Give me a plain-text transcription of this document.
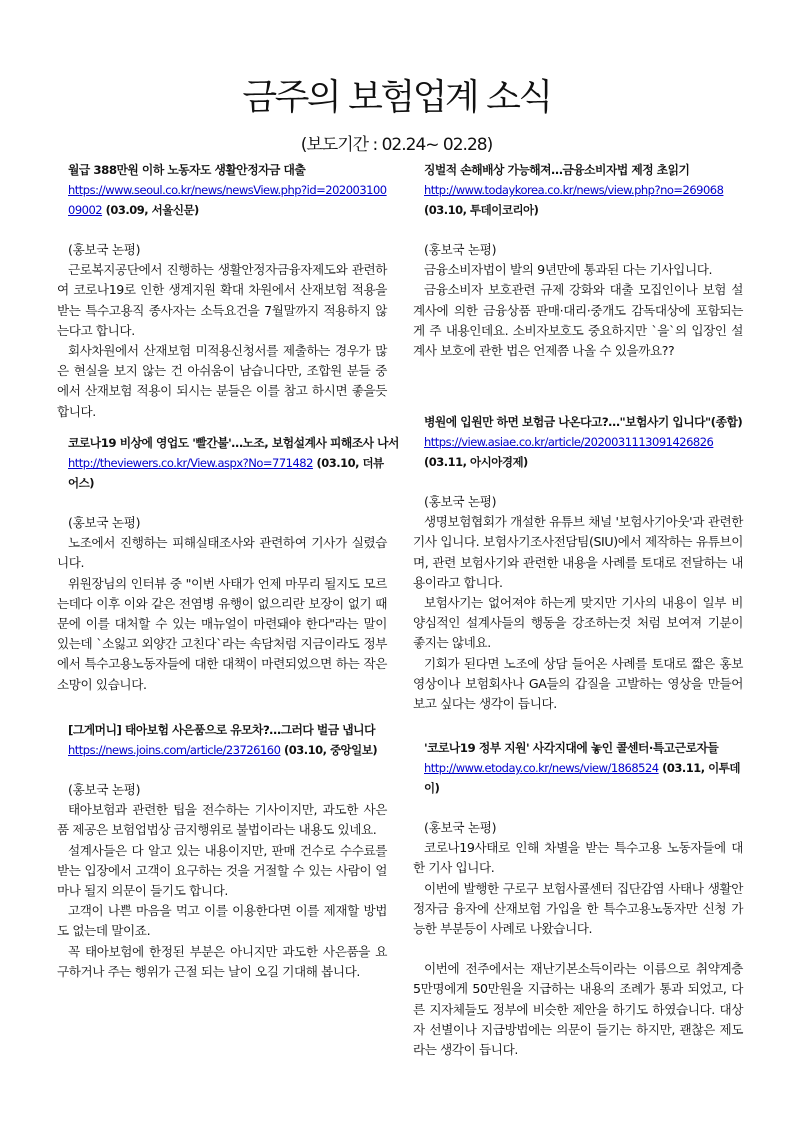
금주의 보험업계 소식
(보도기간 : 02.24~ 02.28)
월급 388만원 이하 노동자도 생활안정자금 대출
https://www.seoul.co.kr/news/newsView.php?id=20200310009002 (03.09, 서울신문)
(홍보국 논평)

근로복지공단에서 진행하는 생활안정자금융자제도와 관련하여 코로나19로 인한 생계지원 확대 차원에서 산재보험 적용을 받는 특수고용직 종사자는 소득요건을 7월말까지 적용하지 않는다고 합니다.

회사차원에서 산재보험 미적용신청서를 제출하는 경우가 많은 현실을 보지 않는 건 아쉬움이 남습니다만, 조합원 분들 중에서 산재보험 적용이 되시는 분들은 이를 참고 하시면 좋을듯 합니다.

코로나19 비상에 영업도 '빨간불'…노조, 보험설계사 피해조사 나서
http://theviewers.co.kr/View.aspx?No=771482 (03.10, 더뷰어스)
(홍보국 논평)

노조에서 진행하는 피해실태조사와 관련하여 기사가 실렸습니다.

위원장님의 인터뷰 중 "이번 사태가 언제 마무리 될지도 모르는데다 이후 이와 같은 전염병 유행이 없으리란 보장이 없기 때문에 이를 대처할 수 있는 매뉴얼이 마련돼야 한다"라는 말이 있는데 `소잃고 외양간 고친다`라는 속담처럼 지금이라도 정부에서 특수고용노동자들에 대한 대책이 마련되었으면 하는 작은 소망이 있습니다.

[그게머니] 태아보험 사은품으로 유모차?…그러다 벌금 냅니다
https://news.joins.com/article/23726160 (03.10, 중앙일보)
(홍보국 논평)

태아보험과 관련한 팁을 전수하는 기사이지만, 과도한 사은품 제공은 보험업법상 금지행위로 불법이라는 내용도 있네요.

설계사들은 다 알고 있는 내용이지만, 판매 건수로 수수료를 받는 입장에서 고객이 요구하는 것을 거절할 수 있는 사람이 얼마나 될지 의문이 들기도 합니다.

고객이 나쁜 마음을 먹고 이를 이용한다면 이를 제재할 방법도 없는데 말이죠.

꼭 태아보험에 한정된 부분은 아니지만 과도한 사은품을 요구하거나 주는 행위가 근절 되는 날이 오길 기대해 봅니다.

징벌적 손해배상 가능해져…금융소비자법 제정 초읽기
http://www.todaykorea.co.kr/news/view.php?no=269068 (03.10, 투데이코리아)
(홍보국 논평)

금융소비자법이 발의 9년만에 통과된 다는 기사입니다.

금융소비자 보호관련 규제 강화와 대출 모집인이나 보험 설계사에 의한 금융상품 판매·대리·중개도 감독대상에 포함되는게 주 내용인데요. 소비자보호도 중요하지만 `을`의 입장인 설계사 보호에 관한 법은 언제쯤 나올 수 있을까요??

병원에 입원만 하면 보험금 나온다고?…"보험사기 입니다"(종합)
https://view.asiae.co.kr/article/2020031113091426826 (03.11, 아시아경제)
(홍보국 논평)

생명보험협회가 개설한 유튜브 채널 '보험사기아웃'과 관련한 기사 입니다. 보험사기조사전담팀(SIU)에서 제작하는 유튜브이며, 관련 보험사기와 관련한 내용을 사례를 토대로 전달하는 내용이라고 합니다.

보험사기는 없어져야 하는게 맞지만 기사의 내용이 일부 비양심적인 설계사들의 행동을 강조하는것 처럼 보여져 기분이 좋지는 않네요.

기회가 된다면 노조에 상담 들어온 사례를 토대로 짧은 홍보영상이나 보험회사나 GA들의 갑질을 고발하는 영상을 만들어 보고 싶다는 생각이 듭니다.

'코로나19 정부 지원' 사각지대에 놓인 콜센터·특고근로자들
http://www.etoday.co.kr/news/view/1868524 (03.11, 이투데이)
(홍보국 논평)

코로나19사태로 인해 차별을 받는 특수고용 노동자들에 대한 기사 입니다.

이번에 발행한 구로구 보험사콜센터 집단감염 사태나 생활안정자금 융자에 산재보험 가입을 한 특수고용노동자만 신청 가능한 부분등이 사례로 나왔습니다.

이번에 전주에서는 재난기본소득이라는 이름으로 취약계층 5만명에게 50만원을 지급하는 내용의 조례가 통과 되었고, 다른 지자체들도 정부에 비슷한 제안을 하기도 하였습니다. 대상자 선별이나 지급방법에는 의문이 들기는 하지만, 괜찮은 제도라는 생각이 듭니다.
